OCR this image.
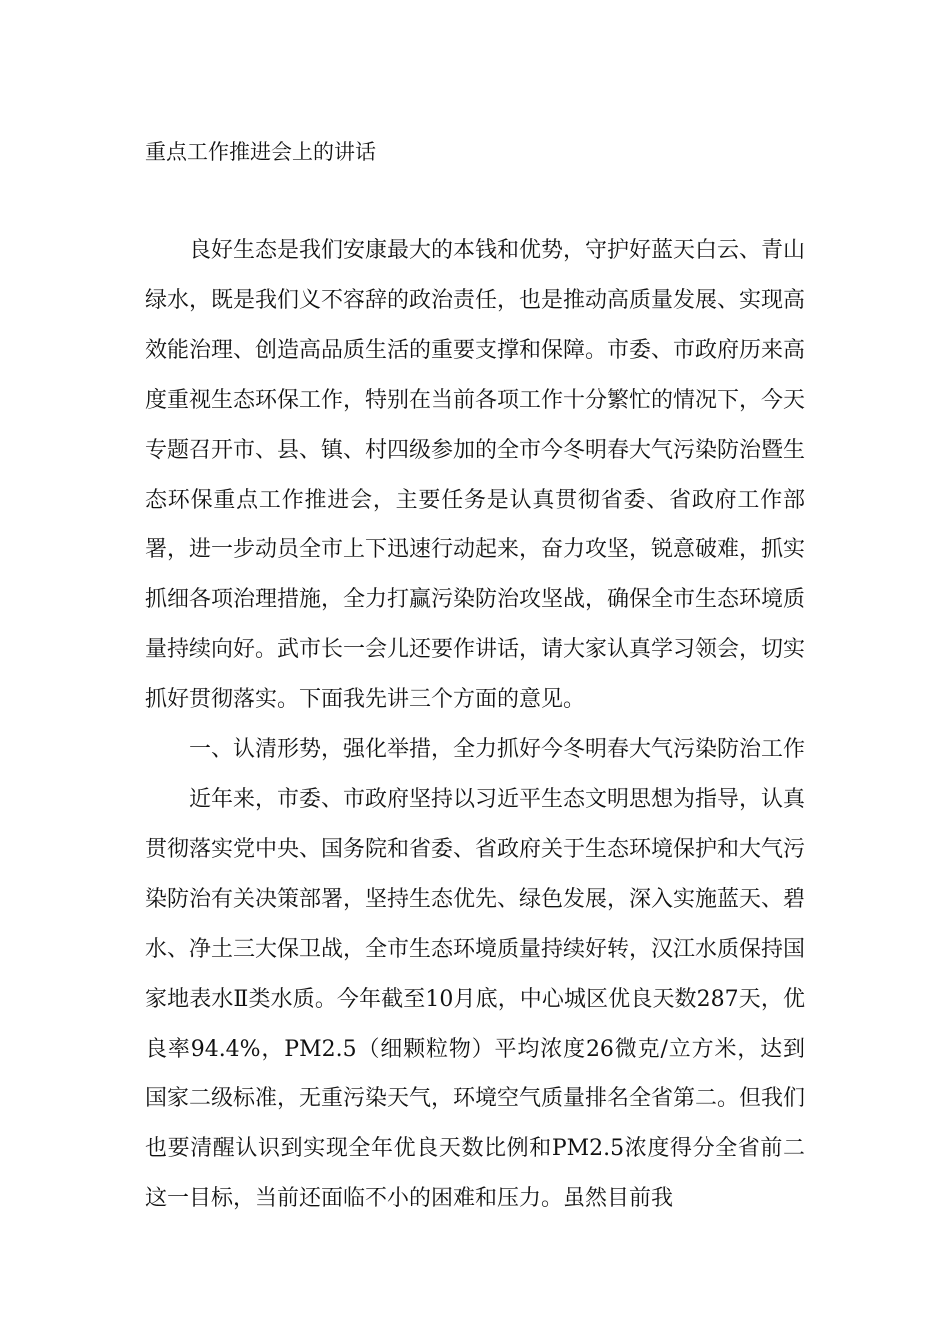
重点工作推进会上的讲话

良好生态是我们安康最大的本钱和优势，守护好蓝天白云、青山绿水，既是我们义不容辞的政治责任，也是推动高质量发展、实现高效能治理、创造高品质生活的重要支撑和保障。市委、市政府历来高度重视生态环保工作，特别在当前各项工作十分繁忙的情况下，今天专题召开市、县、镇、村四级参加的全市今冬明春大气污染防治暨生态环保重点工作推进会，主要任务是认真贯彻省委、省政府工作部署，进一步动员全市上下迅速行动起来，奋力攻坚，锐意破难，抓实抓细各项治理措施，全力打赢污染防治攻坚战，确保全市生态环境质量持续向好。武市长一会儿还要作讲话，请大家认真学习领会，切实抓好贯彻落实。下面我先讲三个方面的意见。

一、认清形势，强化举措，全力抓好今冬明春大气污染防治工作

近年来，市委、市政府坚持以习近平生态文明思想为指导，认真贯彻落实党中央、国务院和省委、省政府关于生态环境保护和大气污染防治有关决策部署，坚持生态优先、绿色发展，深入实施蓝天、碧水、净土三大保卫战，全市生态环境质量持续好转，汉江水质保持国家地表水Ⅱ类水质。今年截至10月底，中心城区优良天数287天，优良率94.4%，PM2.5（细颗粒物）平均浓度26微克/立方米，达到国家二级标准，无重污染天气，环境空气质量排名全省第二。但我们也要清醒认识到实现全年优良天数比例和PM2.5浓度得分全省前二这一目标，当前还面临不小的困难和压力。虽然目前我
